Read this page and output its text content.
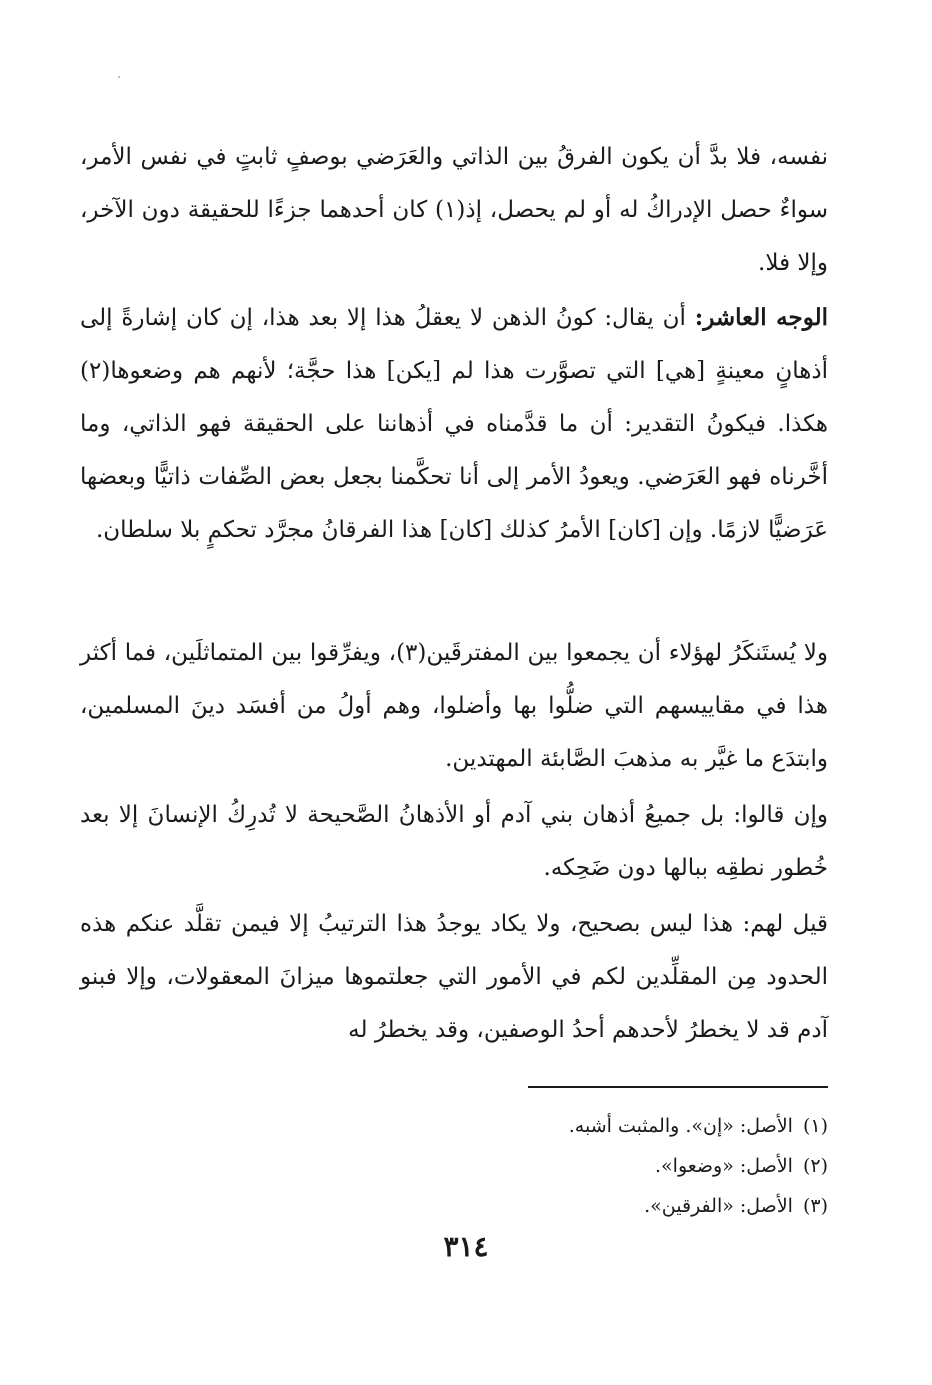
نفسه، فلا بدَّ أن يكون الفرقُ بين الذاتي والعَرَضي بوصفٍ ثابتٍ في نفس الأمر، سواءٌ حصل الإدراكُ له أو لم يحصل، إذ(١) كان أحدهما جزءًا للحقيقة دون الآخر، وإلا فلا.

الوجه العاشر: أن يقال: كونُ الذهن لا يعقلُ هذا إلا بعد هذا، إن كان إشارةً إلى أذهانٍ معينةٍ [هي] التي تصوَّرت هذا لم [يكن] هذا حجَّة؛ لأنهم هم وضعوها(٢) هكذا. فيكونُ التقدير: أن ما قدَّمناه في أذهاننا على الحقيقة فهو الذاتي، وما أخَّرناه فهو العَرَضي. ويعودُ الأمر إلى أنا تحكَّمنا بجعل بعض الصِّفات ذاتيًّا وبعضها عَرَضيًّا لازمًا. وإن [كان] الأمرُ كذلك [كان] هذا الفرقانُ مجرَّد تحكمٍ بلا سلطان.

ولا يُستَنكَرُ لهؤلاء أن يجمعوا بين المفترقَين(٣)، ويفرِّقوا بين المتماثلَين، فما أكثر هذا في مقاييسهم التي ضلُّوا بها وأضلوا، وهم أولُ من أفسَد دينَ المسلمين، وابتدَع ما غيَّر به مذهبَ الصَّابئة المهتدين.

وإن قالوا: بل جميعُ أذهان بني آدم أو الأذهانُ الصَّحيحة لا تُدرِكُ الإنسانَ إلا بعد خُطور نطقِه ببالها دون ضَحِكه.

قيل لهم: هذا ليس بصحيح، ولا يكاد يوجدُ هذا الترتيبُ إلا فيمن تقلَّد عنكم هذه الحدود مِن المقلِّدين لكم في الأمور التي جعلتموها ميزانَ المعقولات، وإلا فبنو آدم قد لا يخطرُ لأحدهم أحدُ الوصفين، وقد يخطرُ له

(١)الأصل: «إن». والمثبت أشبه.

(٢)الأصل: «وضعوا».

(٣)الأصل: «الفرقين».

٣١٤
